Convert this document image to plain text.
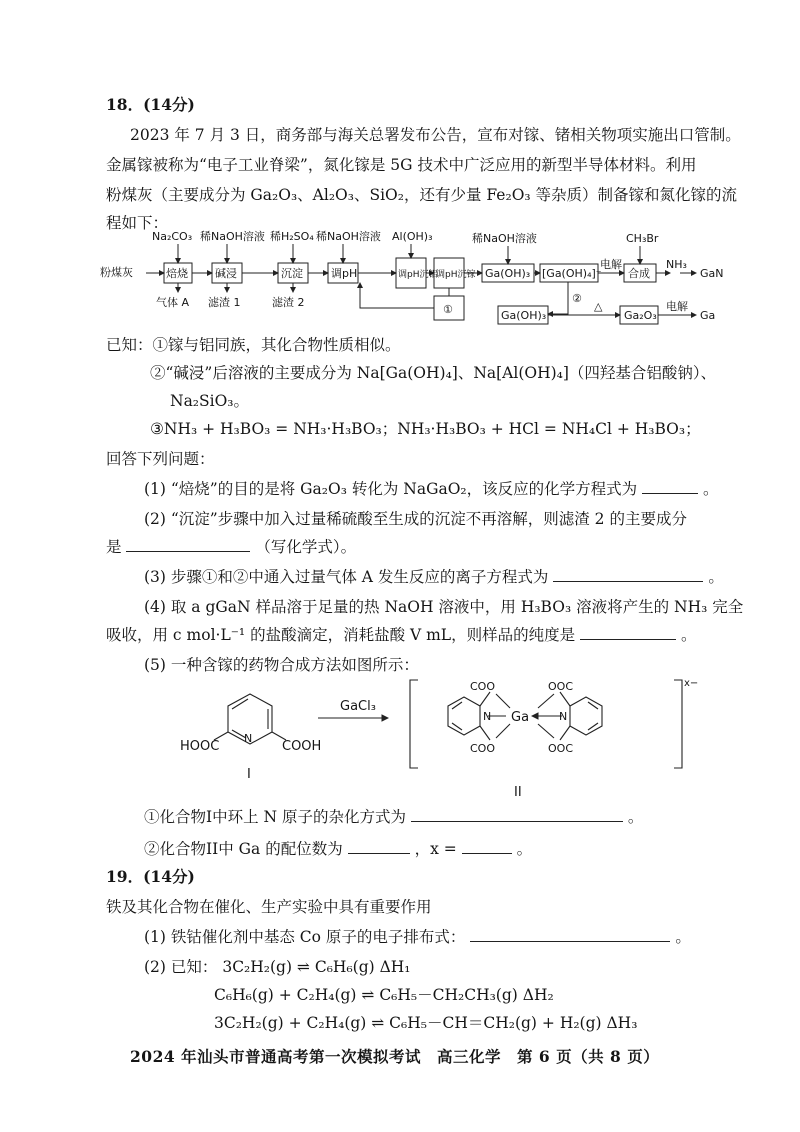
18．(14分)
2023 年 7 月 3 日，商务部与海关总署发布公告，宣布对镓、锗相关物项实施出口管制。
金属镓被称为“电子工业脊梁”，氮化镓是 5G 技术中广泛应用的新型半导体材料。利用
粉煤灰（主要成分为 Ga₂O₃、Al₂O₃、SiO₂，还有少量 Fe₂O₃ 等杂质）制备镓和氮化镓的流
程如下：
粉煤灰	焙烧 碱浸	沉淀	调pH	调pH沉铝
调pH沉镓
Na₂CO₃ 稀NaOH溶液 稀H₂SO₄ 稀NaOH溶液 Al(OH)₃	稀NaOH溶液	CH₃Br
气体 A 滤渣 1	滤渣 2
①
②
Ga(OH)₃ [Ga(OH)₄]⁻ 合成
Ga(OH)₃	Ga₂O₃
电解	NH₃
GaN
△	电解
Ga
已知：①镓与铝同族，其化合物性质相似。
②“碱浸”后溶液的主要成分为 Na[Ga(OH)₄]、Na[Al(OH)₄]（四羟基合铝酸钠）、
Na₂SiO₃。
③NH₃ + H₃BO₃ = NH₃·H₃BO₃；NH₃·H₃BO₃ + HCl = NH₄Cl + H₃BO₃；
回答下列问题：
(1) “焙烧”的目的是将 Ga₂O₃ 转化为 NaGaO₂，该反应的化学方程式为	。
(2) “沉淀”步骤中加入过量稀硫酸至生成的沉淀不再溶解，则滤渣 2 的主要成分
是	（写化学式）。
(3) 步骤①和②中通入过量气体 A 发生反应的离子方程式为	。
(4) 取 a gGaN 样品溶于足量的热 NaOH 溶液中，用 H₃BO₃ 溶液将产生的 NH₃ 完全
吸收，用 c mol·L⁻¹ 的盐酸滴定，消耗盐酸 V mL，则样品的纯度是	。
(5) 一种含镓的药物合成方法如图所示：
HOOC	COOH
N
I
GaCl₃
N Ga	N
COO
COO
OOC
OOC
x−
II
①化合物I中环上 N 原子的杂化方式为	。
②化合物II中 Ga 的配位数为	，x =	。
19．(14分)
铁及其化合物在催化、生产实验中具有重要作用
(1) 铁钴催化剂中基态 Co 原子的电子排布式：	。
(2) 已知： 3C₂H₂(g) ⇌ C₆H₆(g) ΔH₁
C₆H₆(g) + C₂H₄(g) ⇌ C₆H₅－CH₂CH₃(g) ΔH₂
3C₂H₂(g) + C₂H₄(g) ⇌ C₆H₅－CH＝CH₂(g) + H₂(g) ΔH₃
2024 年汕头市普通高考第一次模拟考试　高三化学　第 6 页（共 8 页）
